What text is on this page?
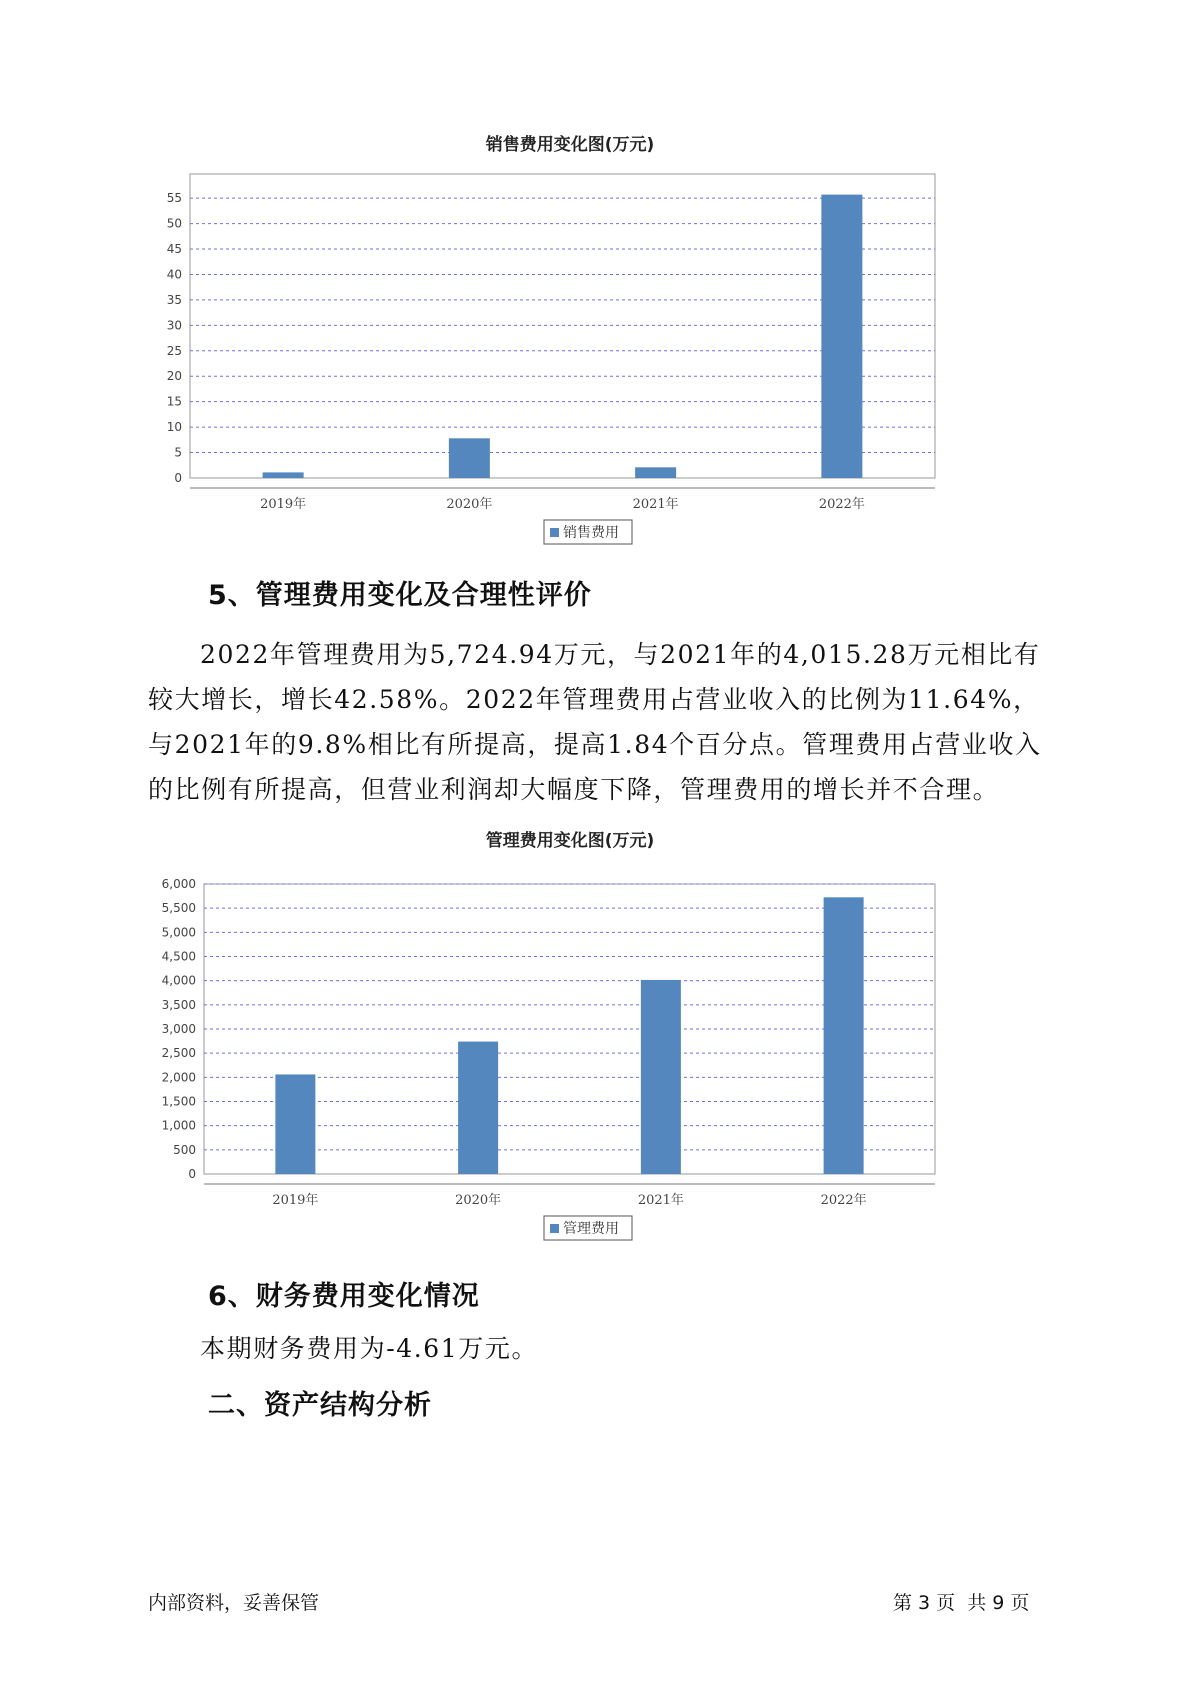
销售费用变化图(万元)
0
5
10
15
20
25
30
35
40
45
50
55
2019年	2020年	2021年	2022年
销售费用
5、管理费用变化及合理性评价

2022年管理费用为5,724.94万元，与2021年的4,015.28万元相比有较大增长，增长42.58%。2022年管理费用占营业收入的比例为11.64%，与2021年的9.8%相比有所提高，提高1.84个百分点。管理费用占营业收入的比例有所提高，但营业利润却大幅度下降，管理费用的增长并不合理。

管理费用变化图(万元)
0
500
1,000
1,500
2,000
2,500
3,000
3,500
4,000
4,500
5,000
5,500
6,000
2019年	2020年	2021年	2022年
管理费用
6、财务费用变化情况

本期财务费用为-4.61万元。

二、资产结构分析
内部资料，妥善保管	第 3 页  共 9 页
